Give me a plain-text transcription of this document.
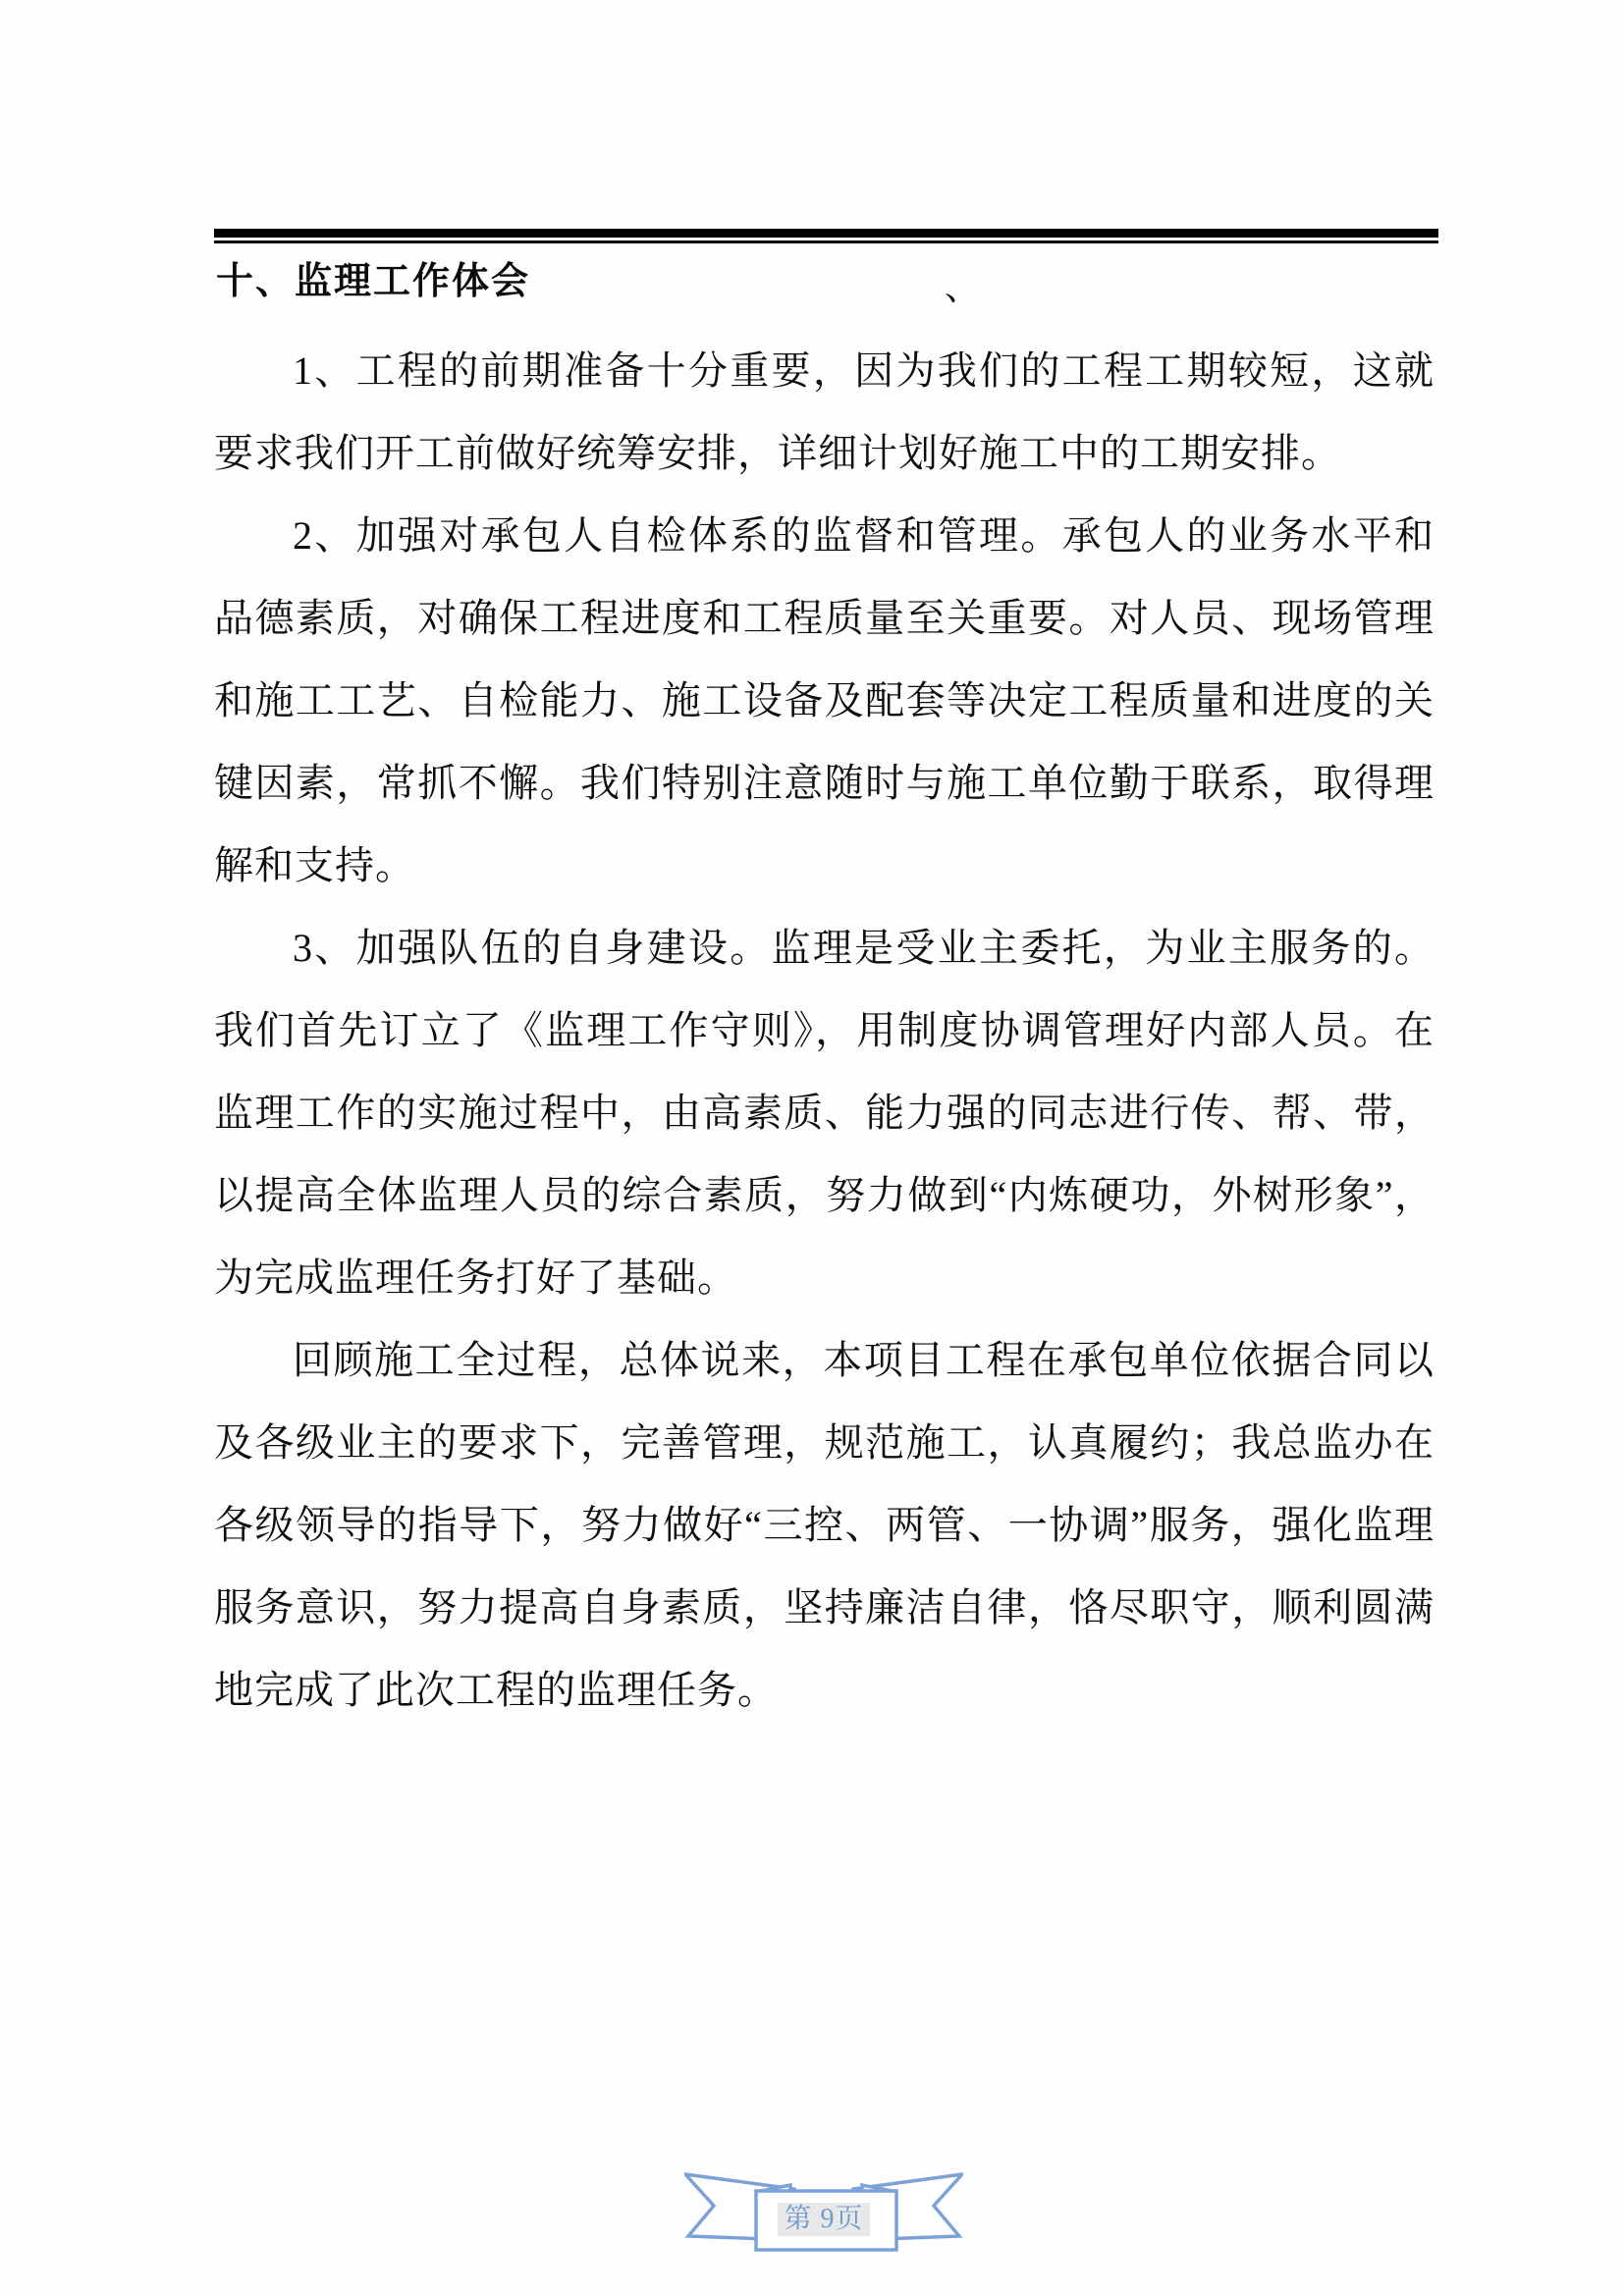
十、监理工作体会	、

1、工程的前期准备十分重要，因为我们的工程工期较短，这就要求我们开工前做好统筹安排，详细计划好施工中的工期安排。

2、加强对承包人自检体系的监督和管理。承包人的业务水平和品德素质，对确保工程进度和工程质量至关重要。对人员、现场管理和施工工艺、自检能力、施工设备及配套等决定工程质量和进度的关键因素，常抓不懈。我们特别注意随时与施工单位勤于联系，取得理解和支持。

3、加强队伍的自身建设。监理是受业主委托，为业主服务的。我们首先订立了《监理工作守则》，用制度协调管理好内部人员。在监理工作的实施过程中，由高素质、能力强的同志进行传、帮、带，以提高全体监理人员的综合素质，努力做到“内炼硬功，外树形象”，为完成监理任务打好了基础。

回顾施工全过程，总体说来，本项目工程在承包单位依据合同以及各级业主的要求下，完善管理，规范施工，认真履约；我总监办在各级领导的指导下，努力做好“三控、两管、一协调”服务，强化监理服务意识，努力提高自身素质，坚持廉洁自律，恪尽职守，顺利圆满地完成了此次工程的监理任务。

第 9页
